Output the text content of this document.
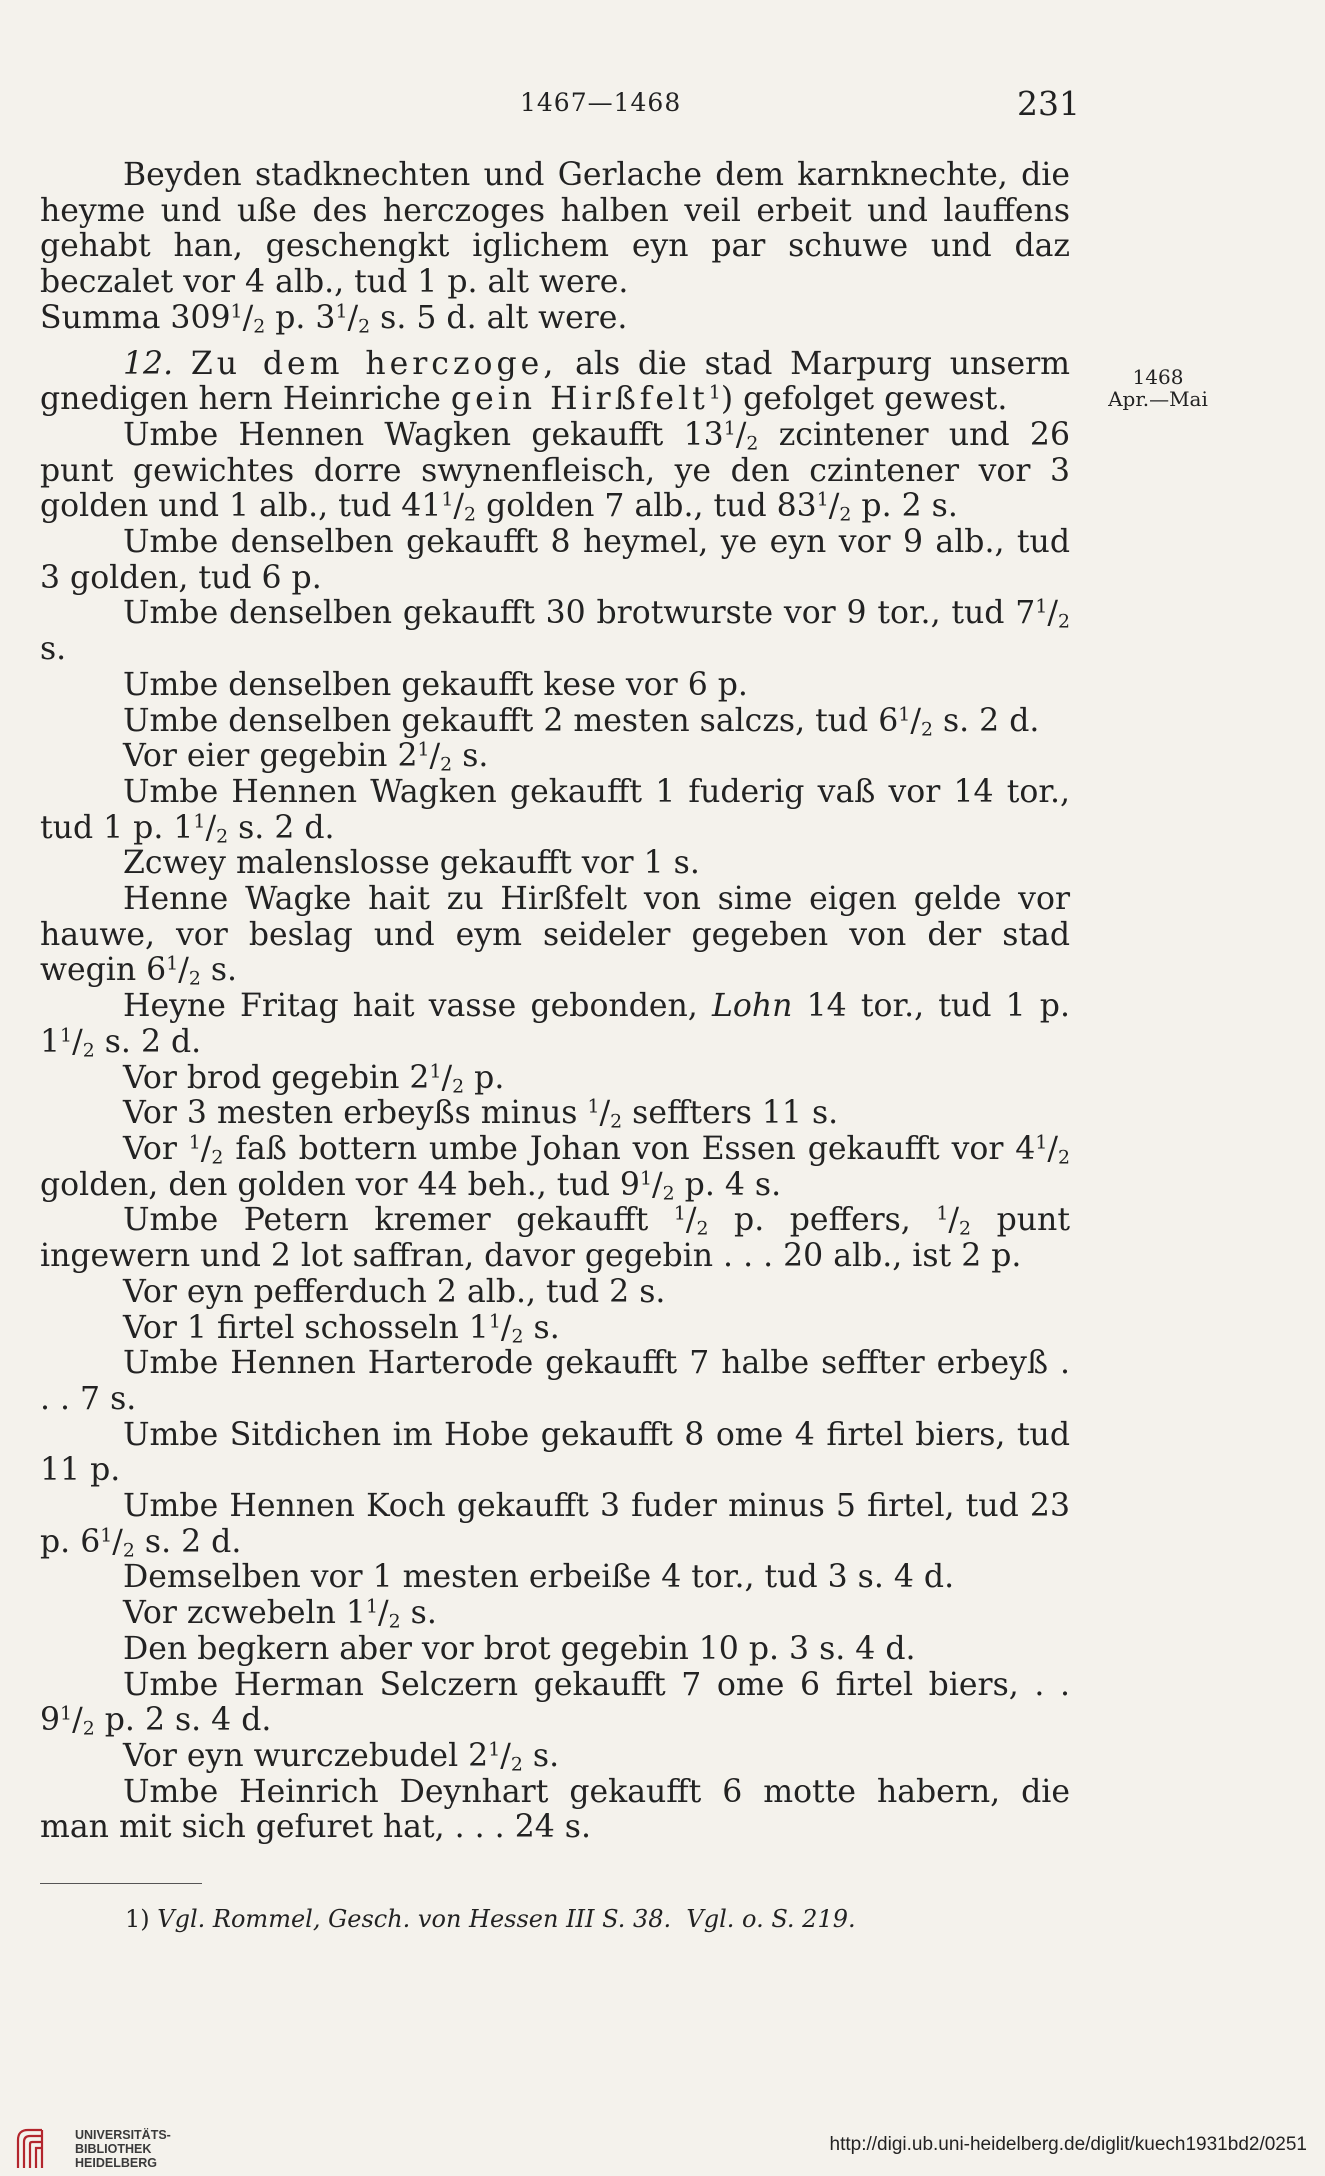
1467—1468	231
1468
Apr.—Mai

Beyden stadknechten und Gerlache dem karnknechte, die heyme und uße des herczoges halben veil erbeit und lauffens gehabt han, geschengkt iglichem eyn par schuwe und daz beczalet vor 4 alb., tud 1 p. alt were.

Summa $309^1/_2$ p. $3^1/_2$ s. 5 d. alt were.

12. Zu dem herczoge, als die stad Marpurg unserm gnedigen hern Heinriche gein Hirßfelt$^1$) gefolget gewest.

Umbe Hennen Wagken gekaufft $13^1/_2$ zcintener und 26 punt gewichtes dorre swynenfleisch, ye den czintener vor 3 golden und 1 alb., tud $41^1/_2$ golden 7 alb., tud $83^1/_2$ p. 2 s.

Umbe denselben gekaufft 8 heymel, ye eyn vor 9 alb., tud 3 golden, tud 6 p.

Umbe denselben gekaufft 30 brotwurste vor 9 tor., tud $7^1/_2$ s.

Umbe denselben gekaufft kese vor 6 p.

Umbe denselben gekaufft 2 mesten salczs, tud $6^1/_2$ s. 2 d.

Vor eier gegebin $2^1/_2$ s.

Umbe Hennen Wagken gekaufft 1 fuderig vaß vor 14 tor., tud 1 p. $1^1/_2$ s. 2 d.

Zcwey malenslosse gekaufft vor 1 s.

Henne Wagke hait zu Hirßfelt von sime eigen gelde vor hauwe, vor beslag und eym seideler gegeben von der stad wegin $6^1/_2$ s.

Heyne Fritag hait vasse gebonden, Lohn 14 tor., tud 1 p. $1^1/_2$ s. 2 d.

Vor brod gegebin $2^1/_2$ p.

Vor 3 mesten erbeyßs minus $^1/_2$ seffters 11 s.

Vor $^1/_2$ faß bottern umbe Johan von Essen gekaufft vor $4^1/_2$ golden, den golden vor 44 beh., tud $9^1/_2$ p. 4 s.

Umbe Petern kremer gekaufft $^1/_2$ p. peffers, $^1/_2$ punt ingewern und 2 lot saffran, davor gegebin . . . 20 alb., ist 2 p.

Vor eyn pefferduch 2 alb., tud 2 s.

Vor 1 firtel schosseln $1^1/_2$ s.

Umbe Hennen Harterode gekaufft 7 halbe seffter erbeyß . . . 7 s.

Umbe Sitdichen im Hobe gekaufft 8 ome 4 firtel biers, tud 11 p.

Umbe Hennen Koch gekaufft 3 fuder minus 5 firtel, tud 23 p. $6^1/_2$ s. 2 d.

Demselben vor 1 mesten erbeiße 4 tor., tud 3 s. 4 d.

Vor zcwebeln $1^1/_2$ s.

Den begkern aber vor brot gegebin 10 p. 3 s. 4 d.

Umbe Herman Selczern gekaufft 7 ome 6 firtel biers, . . $9^1/_2$ p. 2 s. 4 d.

Vor eyn wurczebudel $2^1/_2$ s.

Umbe Heinrich Deynhart gekaufft 6 motte habern, die man mit sich gefuret hat, . . . 24 s.

1) Vgl. Rommel, Gesch. von Hessen III S. 38.  Vgl. o. S. 219.
UNIVERSITÄTS-
BIBLIOTHEK
HEIDELBERG
http://digi.ub.uni-heidelberg.de/diglit/kuech1931bd2/0251
